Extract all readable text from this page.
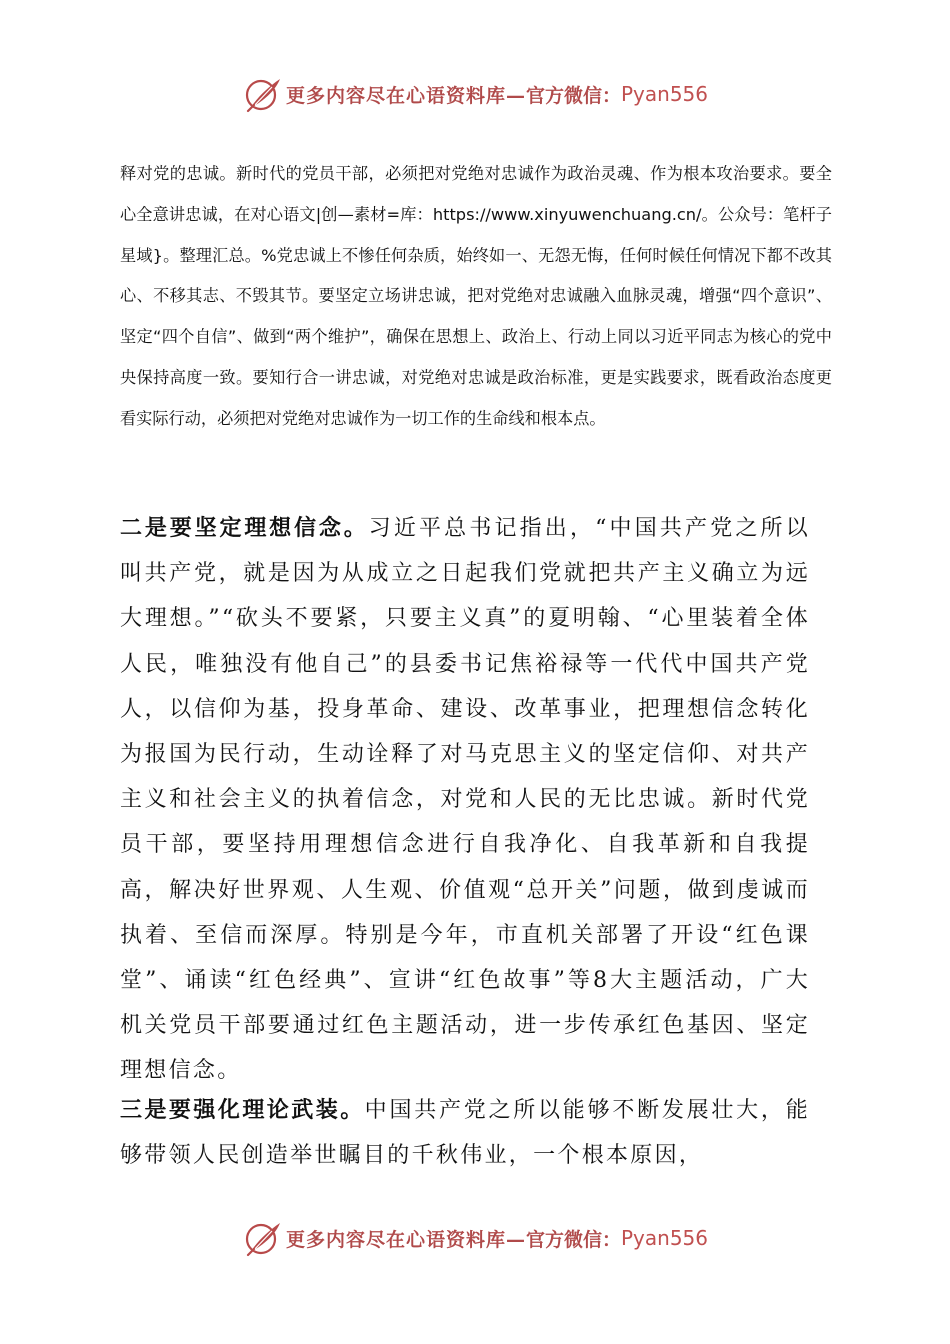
更多内容尽在心语资料库— 官方微信： Pyan556

释对党的忠诚。新时代的党员干部，必须把对党绝对忠诚作为政治灵魂、作为根本攻治要求。要全心全意讲忠诚，在对心语文|创—素材=库：https://www.xinyuwenchuang.cn/。公众号：笔杆子星域}。整理汇总。%党忠诚上不惨任何杂质，始终如一、无怨无悔，任何时候任何情况下都不改其心、不移其志、不毁其节。要坚定立场讲忠诚，把对党绝对忠诚融入血脉灵魂，增强“四个意识”、坚定“四个自信”、做到“两个维护”，确保在思想上、政治上、行动上同以习近平同志为核心的党中央保持高度一致。要知行合一讲忠诚，对党绝对忠诚是政治标准，更是实践要求，既看政治态度更看实际行动，必须把对党绝对忠诚作为一切工作的生命线和根本点。

二是要坚定理想信念。习近平总书记指出，“中国共产党之所以叫共产党，就是因为从成立之日起我们党就把共产主义确立为远大理想。”“砍头不要紧，只要主义真”的夏明翰、“心里装着全体人民，唯独没有他自己”的县委书记焦裕禄等一代代中国共产党人，以信仰为基，投身革命、建设、改革事业，把理想信念转化为报国为民行动，生动诠释了对马克思主义的坚定信仰、对共产主义和社会主义的执着信念，对党和人民的无比忠诚。新时代党员干部，要坚持用理想信念进行自我净化、自我革新和自我提高，解决好世界观、人生观、价值观“总开关”问题，做到虔诚而执着、至信而深厚。特别是今年，市直机关部署了开设“红色课堂”、诵读“红色经典”、宣讲“红色故事”等8大主题活动，广大机关党员干部要通过红色主题活动，进一步传承红色基因、坚定理想信念。

三是要强化理论武装。中国共产党之所以能够不断发展壮大，能够带领人民创造举世瞩目的千秋伟业，一个根本原因，

更多内容尽在心语资料库— 官方微信： Pyan556
